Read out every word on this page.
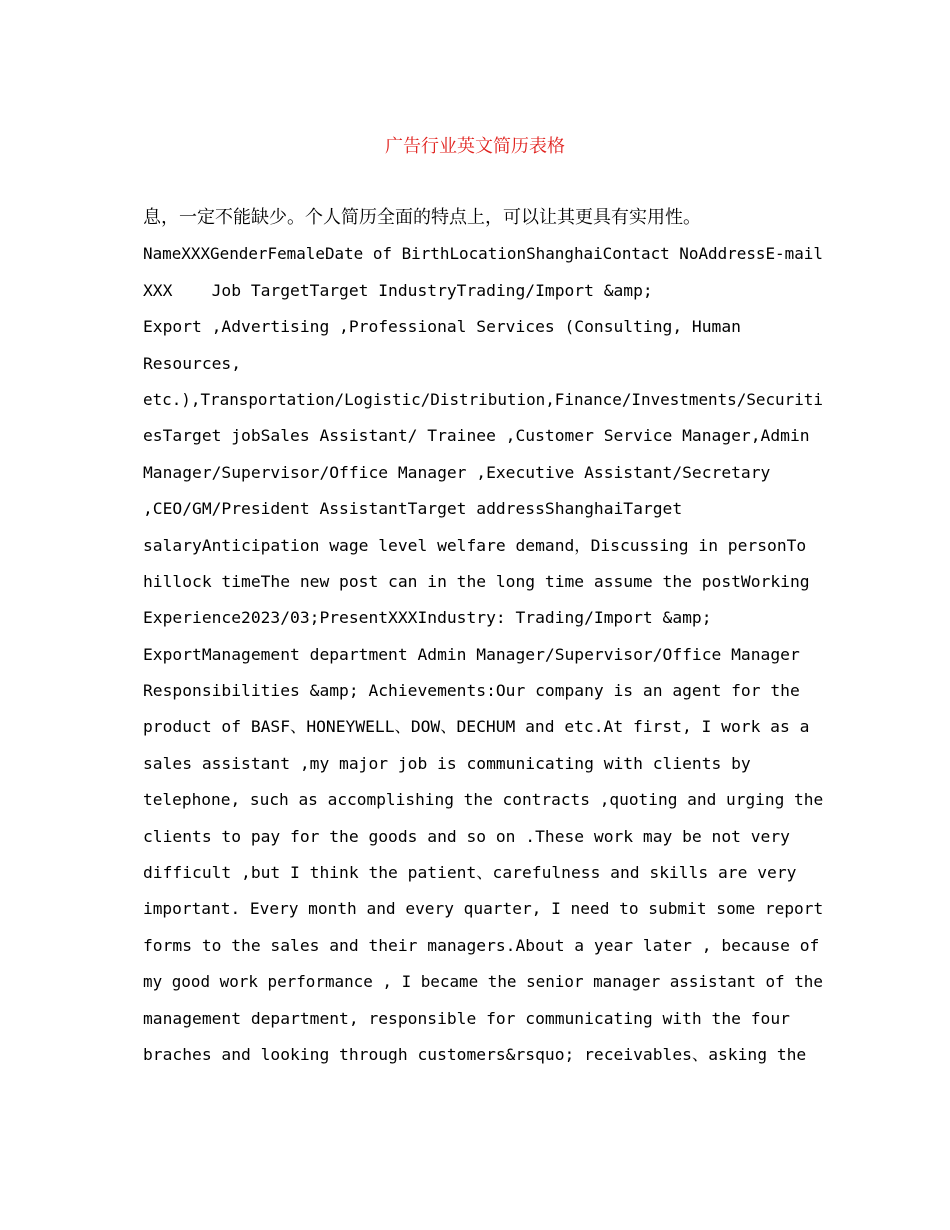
广告行业英文简历表格
息，一定不能缺少。个人简历全面的特点上，可以让其更具有实用性。
NameXXXGenderFemaleDate of BirthLocationShanghaiContact NoAddressE-mail
XXX    Job TargetTarget IndustryTrading/Import &amp;
Export ,Advertising ,Professional Services (Consulting, Human
Resources,
etc.),Transportation/Logistic/Distribution,Finance/Investments/Securiti
esTarget jobSales Assistant/ Trainee ,Customer Service Manager,Admin
Manager/Supervisor/Office Manager ,Executive Assistant/Secretary
,CEO/GM/President AssistantTarget addressShanghaiTarget
salaryAnticipation wage level welfare demand，Discussing in personTo
hillock timeThe new post can in the long time assume the postWorking
Experience2023/03;PresentXXXIndustry: Trading/Import &amp;
ExportManagement department Admin Manager/Supervisor/Office Manager
Responsibilities &amp; Achievements:Our company is an agent for the
product of BASF、HONEYWELL、DOW、DECHUM and etc.At first, I work as a
sales assistant ,my major job is communicating with clients by
telephone, such as accomplishing the contracts ,quoting and urging the
clients to pay for the goods and so on .These work may be not very
difficult ,but I think the patient、carefulness and skills are very
important. Every month and every quarter, I need to submit some report
forms to the sales and their managers.About a year later , because of
my good work performance , I became the senior manager assistant of the
management department, responsible for communicating with the four
braches and looking through customers&rsquo; receivables、asking the
